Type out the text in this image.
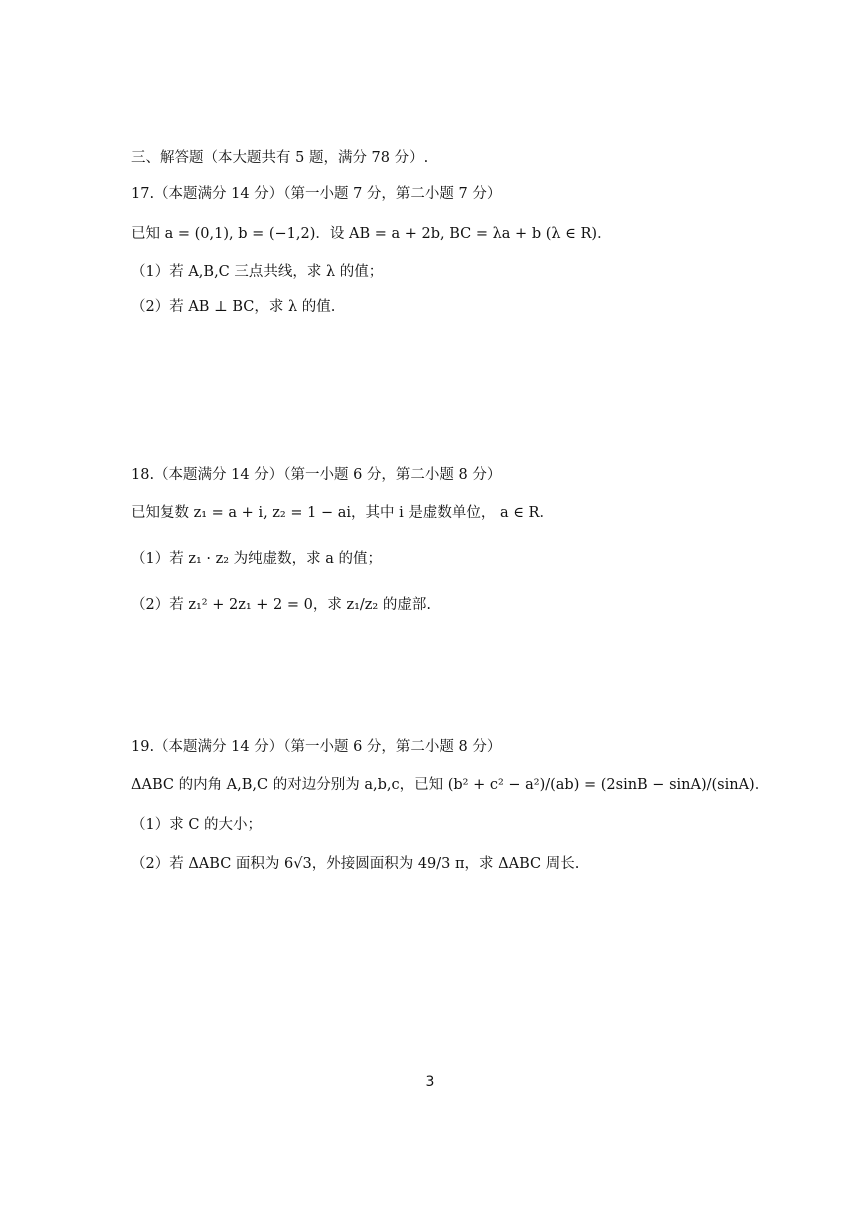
三、解答题（本大题共有 5 题，满分 78 分）.
17.（本题满分 14 分）（第一小题 7 分，第二小题 7 分）
已知 a = (0,1), b = (−1,2)．设 AB = a + 2b, BC = λa + b (λ ∈ R)．
（1）若 A,B,C 三点共线，求 λ 的值；
（2）若 AB ⊥ BC，求 λ 的值.
18.（本题满分 14 分）（第一小题 6 分，第二小题 8 分）
已知复数 z₁ = a + i, z₂ = 1 − ai，其中 i 是虚数单位， a ∈ R．
（1）若 z₁ · z₂ 为纯虚数，求 a 的值；
（2）若 z₁² + 2z₁ + 2 = 0，求 z₁/z₂ 的虚部.
19.（本题满分 14 分）（第一小题 6 分，第二小题 8 分）
ΔABC 的内角 A,B,C 的对边分别为 a,b,c，已知 (b² + c² − a²)/(ab) = (2sinB − sinA)/(sinA)．
（1）求 C 的大小；
（2）若 ΔABC 面积为 6√3，外接圆面积为 49/3 π，求 ΔABC 周长.
3
